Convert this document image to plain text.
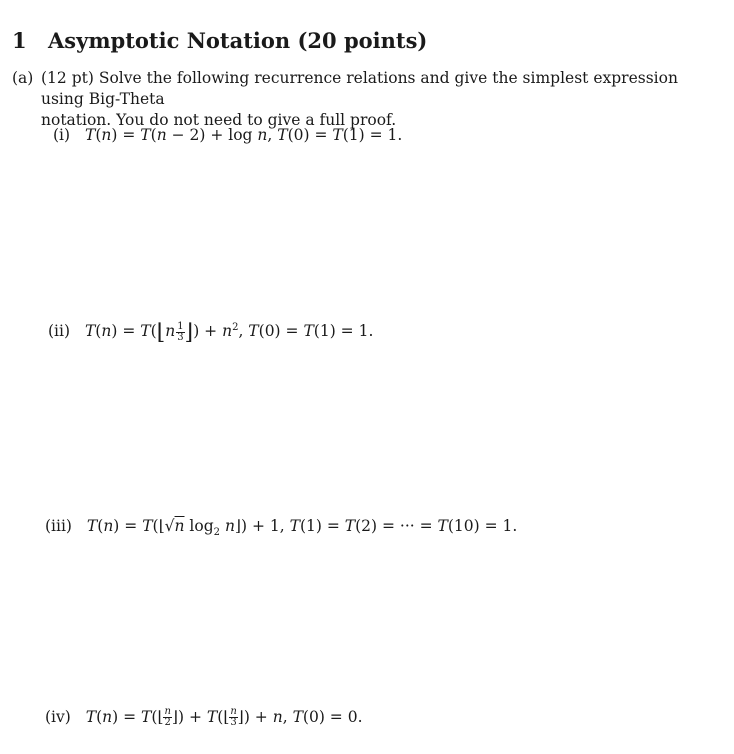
1 Asymptotic Notation (20 points)
(a) (12 pt) Solve the following recurrence relations and give the simplest expression using Big-Theta
notation. You do not need to give a full proof.
(i) T(n) = T(n − 2) + log n, T(0) = T(1) = 1.
(ii) T(n) = T(⌊n $\frac{1}{3}$ ⌋) + $n^2$, T(0) = T(1) = 1.
(iii) T(n) = T(⌊√n $\log_2$ n⌋) + 1, T(1) = T(2) = ··· = T(10) = 1.
(iv) T(n) = T(⌊ $\frac{n}{2}$ ⌋) + T(⌊ $\frac{n}{3}$ ⌋) + n, T(0) = 0.
